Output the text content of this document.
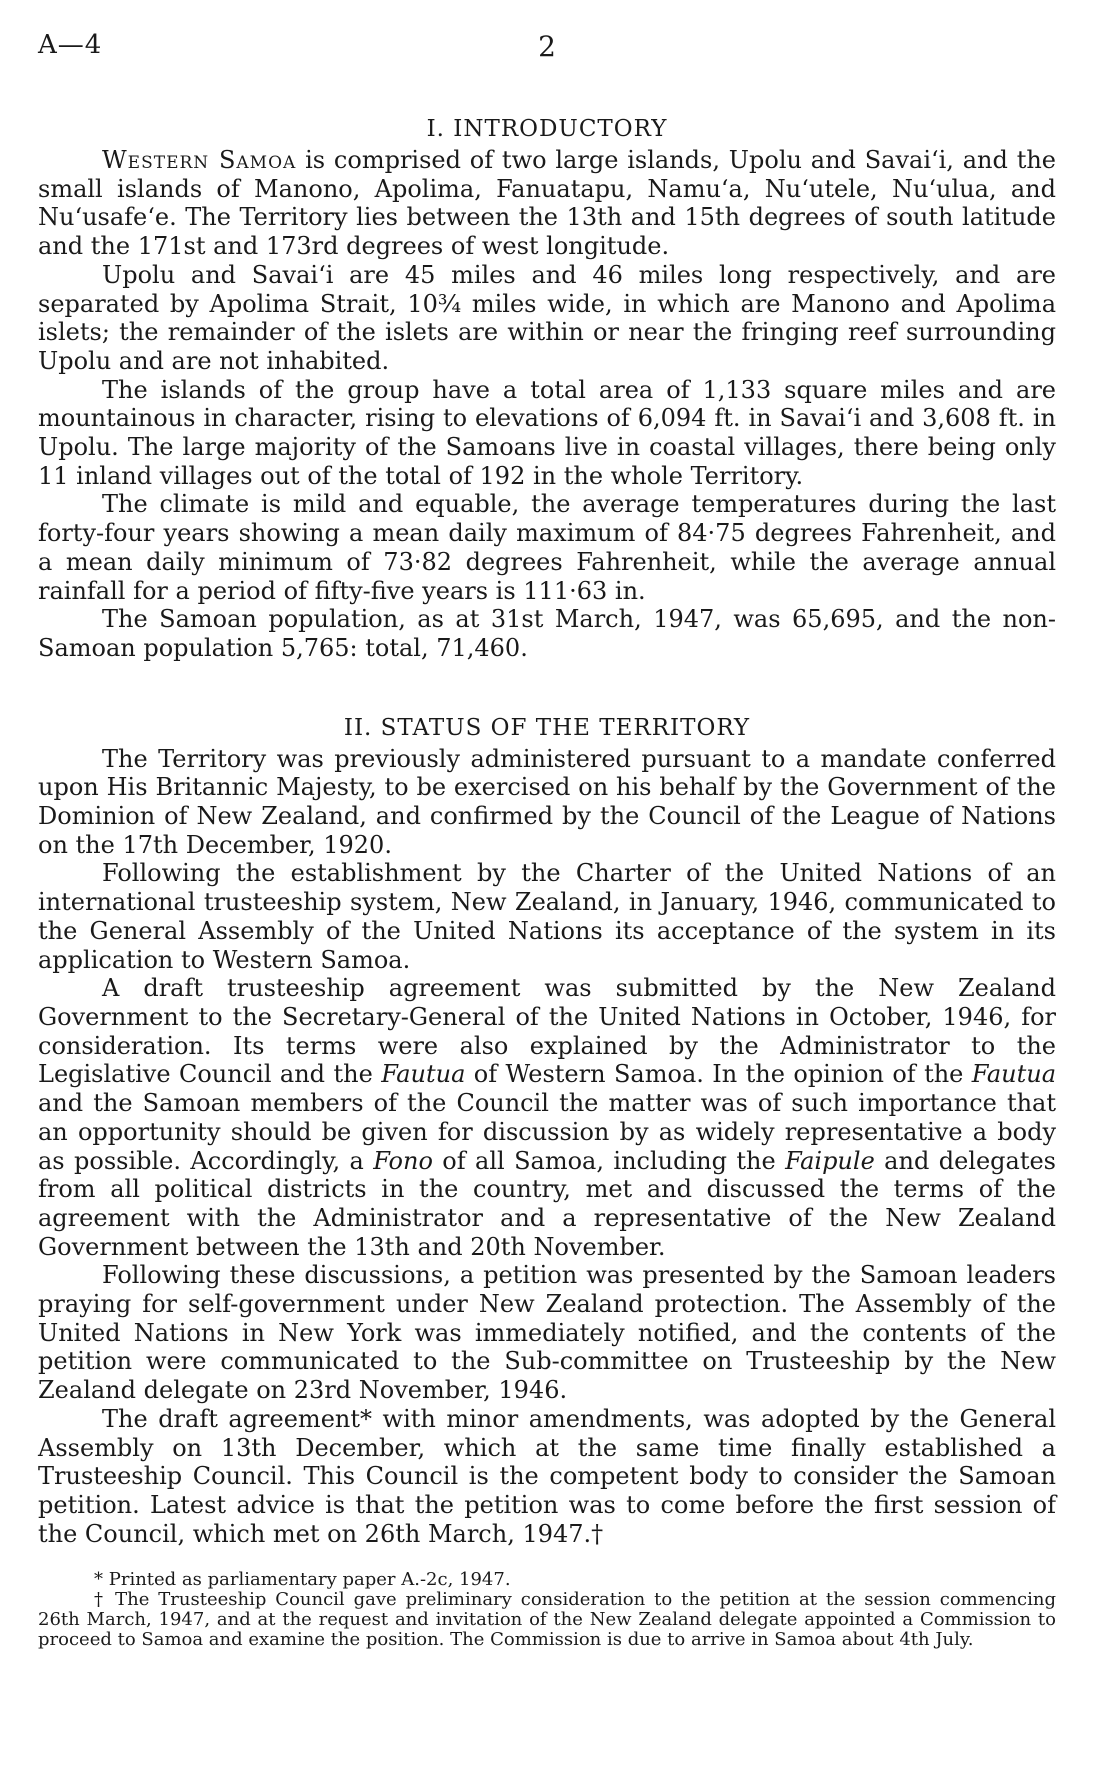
A—4	2
I. INTRODUCTORY

Western Samoa is comprised of two large islands, Upolu and Savai‘i, and the small islands of Manono, Apolima, Fanuatapu, Namu‘a, Nu‘utele, Nu‘ulua, and Nu‘usafe‘e. The Territory lies between the 13th and 15th degrees of south latitude and the 171st and 173rd degrees of west longitude.

Upolu and Savai‘i are 45 miles and 46 miles long respectively, and are separated by Apolima Strait, 10¾ miles wide, in which are Manono and Apolima islets; the remainder of the islets are within or near the fringing reef surrounding Upolu and are not inhabited.

The islands of the group have a total area of 1,133 square miles and are mountainous in character, rising to elevations of 6,094 ft. in Savai‘i and 3,608 ft. in Upolu. The large majority of the Samoans live in coastal villages, there being only 11 inland villages out of the total of 192 in the whole Territory.

The climate is mild and equable, the average temperatures during the last forty-four years showing a mean daily maximum of 84·75 degrees Fahrenheit, and a mean daily minimum of 73·82 degrees Fahrenheit, while the average annual rainfall for a period of fifty-five years is 111·63 in.

The Samoan population, as at 31st March, 1947, was 65,695, and the non-Samoan population 5,765: total, 71,460.

II. STATUS OF THE TERRITORY

The Territory was previously administered pursuant to a mandate conferred upon His Britannic Majesty, to be exercised on his behalf by the Government of the Dominion of New Zealand, and confirmed by the Council of the League of Nations on the 17th December, 1920.

Following the establishment by the Charter of the United Nations of an international trusteeship system, New Zealand, in January, 1946, communicated to the General Assembly of the United Nations its acceptance of the system in its application to Western Samoa.

A draft trusteeship agreement was submitted by the New Zealand Government to the Secretary-General of the United Nations in October, 1946, for consideration. Its terms were also explained by the Administrator to the Legislative Council and the Fautua of Western Samoa. In the opinion of the Fautua and the Samoan members of the Council the matter was of such importance that an opportunity should be given for discussion by as widely representative a body as possible. Accordingly, a Fono of all Samoa, including the Faipule and delegates from all political districts in the country, met and discussed the terms of the agreement with the Administrator and a representative of the New Zealand Government between the 13th and 20th November.

Following these discussions, a petition was presented by the Samoan leaders praying for self-government under New Zealand protection. The Assembly of the United Nations in New York was immediately notified, and the contents of the petition were communicated to the Sub-committee on Trusteeship by the New Zealand delegate on 23rd November, 1946.

The draft agreement* with minor amendments, was adopted by the General Assembly on 13th December, which at the same time finally established a Trusteeship Council. This Council is the competent body to consider the Samoan petition. Latest advice is that the petition was to come before the first session of the Council, which met on 26th March, 1947.†

* Printed as parliamentary paper A.-2c, 1947.

† The Trusteeship Council gave preliminary consideration to the petition at the session commencing 26th March, 1947, and at the request and invitation of the New Zealand delegate appointed a Commission to proceed to Samoa and examine the position. The Commission is due to arrive in Samoa about 4th July.
